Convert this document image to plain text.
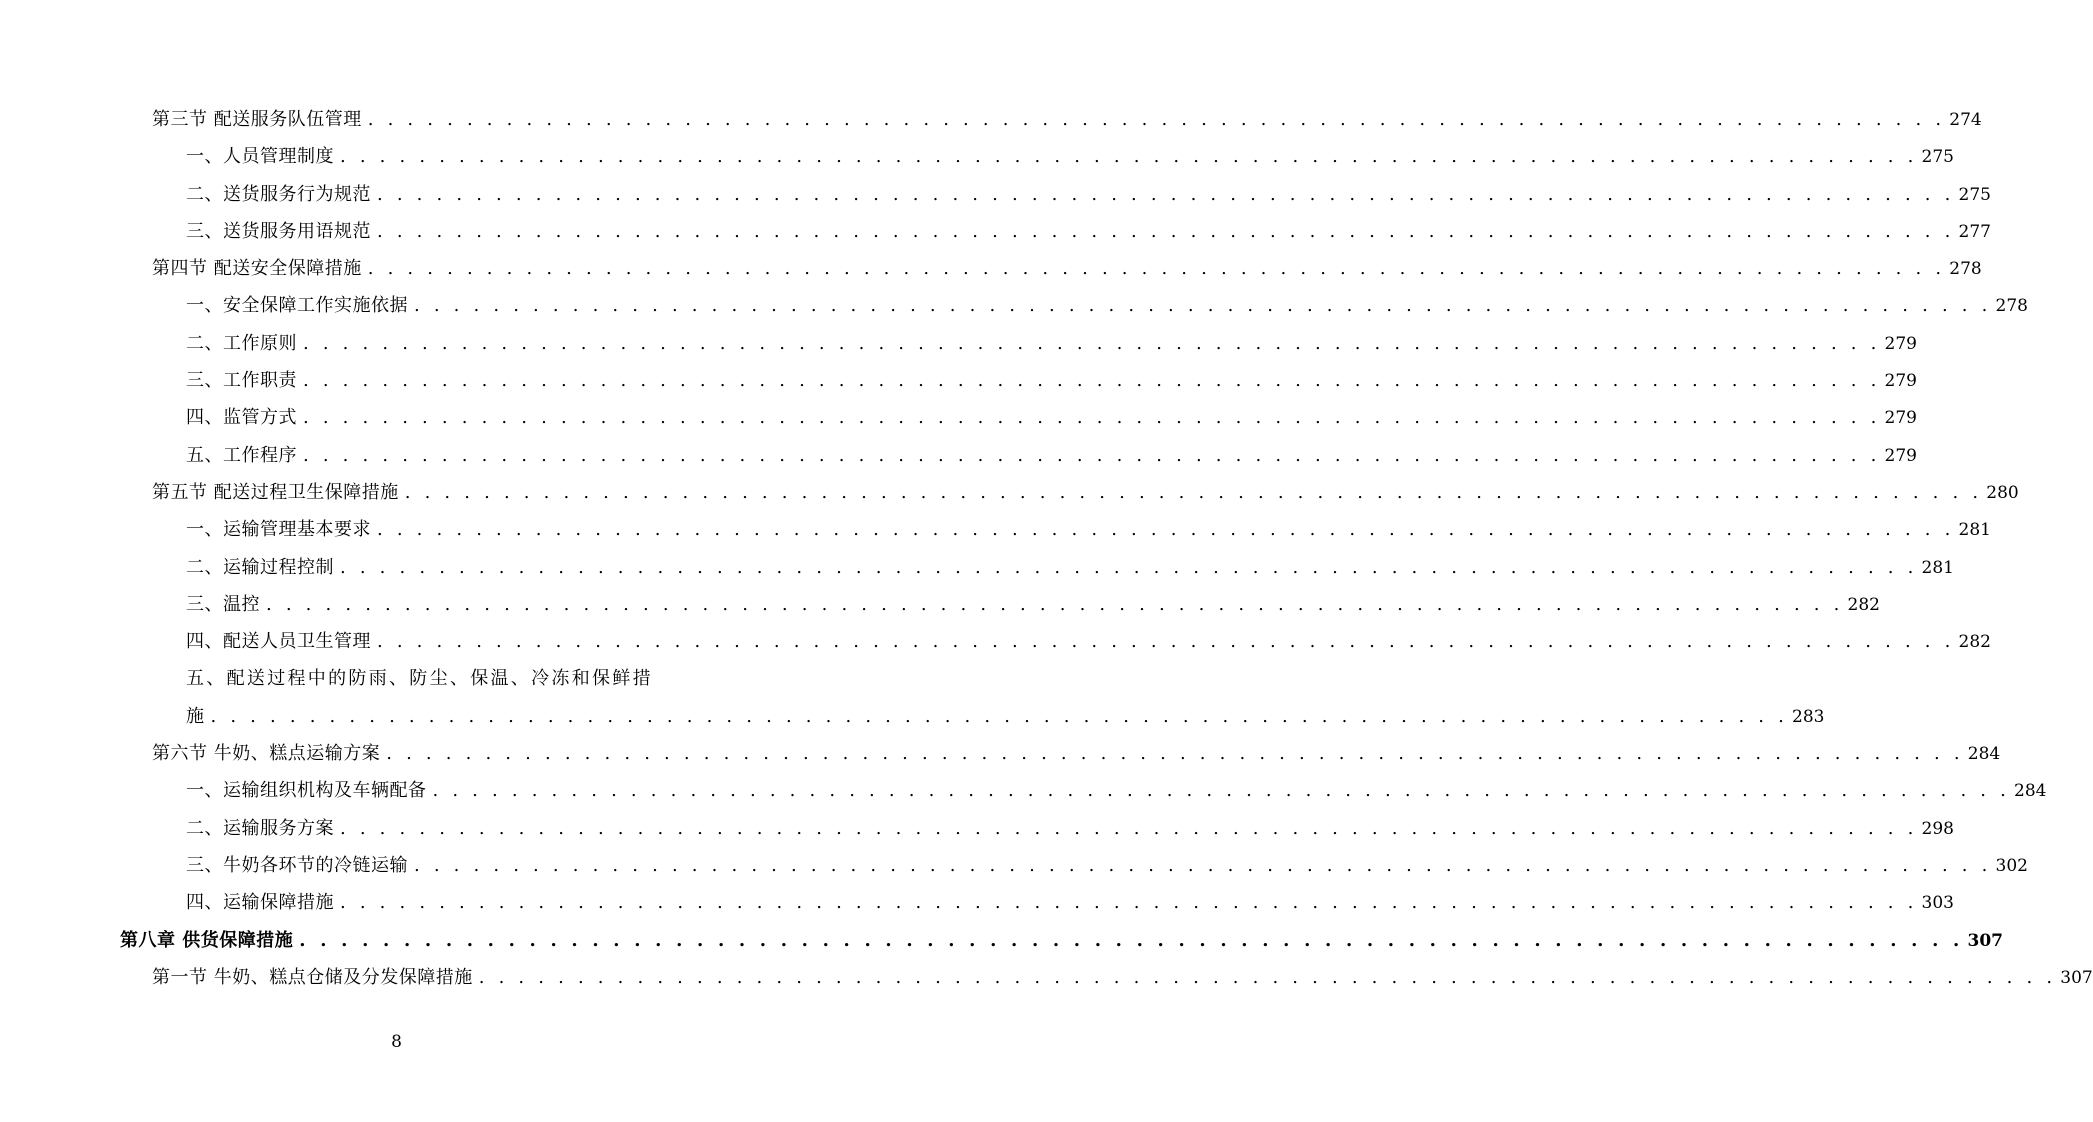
第三节 配送服务队伍管理 . . . . . . . . . . . . . . . . . . . . . . . . . . . . . . . . . . . . . . . . . . . . . . . . . . . . . . . . . . . . . . . . . . . . . . . . . . . . . . . . 274
一、人员管理制度 . . . . . . . . . . . . . . . . . . . . . . . . . . . . . . . . . . . . . . . . . . . . . . . . . . . . . . . . . . . . . . . . . . . . . . . . . . . . . . . . 275
二、送货服务行为规范 . . . . . . . . . . . . . . . . . . . . . . . . . . . . . . . . . . . . . . . . . . . . . . . . . . . . . . . . . . . . . . . . . . . . . . . . . . . . . . . . 275
三、送货服务用语规范 . . . . . . . . . . . . . . . . . . . . . . . . . . . . . . . . . . . . . . . . . . . . . . . . . . . . . . . . . . . . . . . . . . . . . . . . . . . . . . . . 277
第四节 配送安全保障措施 . . . . . . . . . . . . . . . . . . . . . . . . . . . . . . . . . . . . . . . . . . . . . . . . . . . . . . . . . . . . . . . . . . . . . . . . . . . . . . . . 278
一、安全保障工作实施依据 . . . . . . . . . . . . . . . . . . . . . . . . . . . . . . . . . . . . . . . . . . . . . . . . . . . . . . . . . . . . . . . . . . . . . . . . . . . . . . . . 278
二、工作原则 . . . . . . . . . . . . . . . . . . . . . . . . . . . . . . . . . . . . . . . . . . . . . . . . . . . . . . . . . . . . . . . . . . . . . . . . . . . . . . . . 279
三、工作职责 . . . . . . . . . . . . . . . . . . . . . . . . . . . . . . . . . . . . . . . . . . . . . . . . . . . . . . . . . . . . . . . . . . . . . . . . . . . . . . . . 279
四、监管方式 . . . . . . . . . . . . . . . . . . . . . . . . . . . . . . . . . . . . . . . . . . . . . . . . . . . . . . . . . . . . . . . . . . . . . . . . . . . . . . . . 279
五、工作程序 . . . . . . . . . . . . . . . . . . . . . . . . . . . . . . . . . . . . . . . . . . . . . . . . . . . . . . . . . . . . . . . . . . . . . . . . . . . . . . . . 279
第五节 配送过程卫生保障措施 . . . . . . . . . . . . . . . . . . . . . . . . . . . . . . . . . . . . . . . . . . . . . . . . . . . . . . . . . . . . . . . . . . . . . . . . . . . . . . . . 280
一、运输管理基本要求 . . . . . . . . . . . . . . . . . . . . . . . . . . . . . . . . . . . . . . . . . . . . . . . . . . . . . . . . . . . . . . . . . . . . . . . . . . . . . . . . 281
二、运输过程控制 . . . . . . . . . . . . . . . . . . . . . . . . . . . . . . . . . . . . . . . . . . . . . . . . . . . . . . . . . . . . . . . . . . . . . . . . . . . . . . . . 281
三、温控 . . . . . . . . . . . . . . . . . . . . . . . . . . . . . . . . . . . . . . . . . . . . . . . . . . . . . . . . . . . . . . . . . . . . . . . . . . . . . . . . 282
四、配送人员卫生管理 . . . . . . . . . . . . . . . . . . . . . . . . . . . . . . . . . . . . . . . . . . . . . . . . . . . . . . . . . . . . . . . . . . . . . . . . . . . . . . . . 282
五、配送过程中的防雨、防尘、保温、冷冻和保鲜措
施 . . . . . . . . . . . . . . . . . . . . . . . . . . . . . . . . . . . . . . . . . . . . . . . . . . . . . . . . . . . . . . . . . . . . . . . . . . . . . . . . 283
第六节 牛奶、糕点运输方案 . . . . . . . . . . . . . . . . . . . . . . . . . . . . . . . . . . . . . . . . . . . . . . . . . . . . . . . . . . . . . . . . . . . . . . . . . . . . . . . . 284
一、运输组织机构及车辆配备 . . . . . . . . . . . . . . . . . . . . . . . . . . . . . . . . . . . . . . . . . . . . . . . . . . . . . . . . . . . . . . . . . . . . . . . . . . . . . . . . 284
二、运输服务方案 . . . . . . . . . . . . . . . . . . . . . . . . . . . . . . . . . . . . . . . . . . . . . . . . . . . . . . . . . . . . . . . . . . . . . . . . . . . . . . . . 298
三、牛奶各环节的冷链运输 . . . . . . . . . . . . . . . . . . . . . . . . . . . . . . . . . . . . . . . . . . . . . . . . . . . . . . . . . . . . . . . . . . . . . . . . . . . . . . . . 302
四、运输保障措施 . . . . . . . . . . . . . . . . . . . . . . . . . . . . . . . . . . . . . . . . . . . . . . . . . . . . . . . . . . . . . . . . . . . . . . . . . . . . . . . . 303
第八章 供货保障措施 . . . . . . . . . . . . . . . . . . . . . . . . . . . . . . . . . . . . . . . . . . . . . . . . . . . . . . . . . . . . . . . . . . . . . . . . . . . . . . . . 307
第一节 牛奶、糕点仓储及分发保障措施 . . . . . . . . . . . . . . . . . . . . . . . . . . . . . . . . . . . . . . . . . . . . . . . . . . . . . . . . . . . . . . . . . . . . . . . . . . . . . . . . 307
8
